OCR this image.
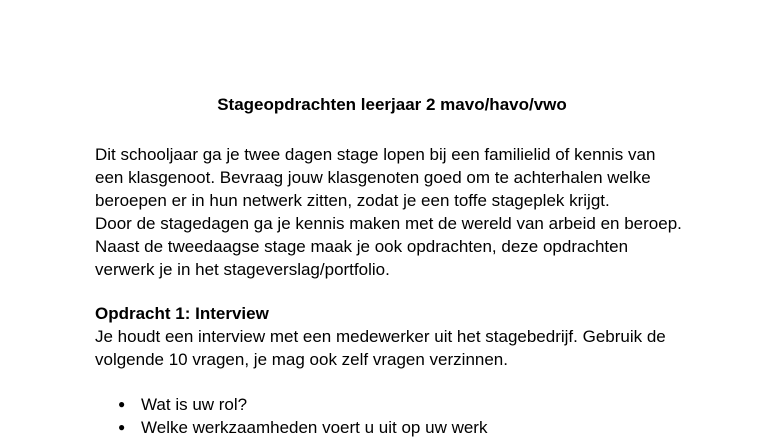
Stageopdrachten leerjaar 2 mavo/havo/vwo
Dit schooljaar ga je twee dagen stage lopen bij een familielid of kennis van
een klasgenoot. Bevraag jouw klasgenoten goed om te achterhalen welke
beroepen er in hun netwerk zitten, zodat je een toffe stageplek krijgt.
Door de stagedagen ga je kennis maken met de wereld van arbeid en beroep.
Naast de tweedaagse stage maak je ook opdrachten, deze opdrachten
verwerk je in het stageverslag/portfolio.
Opdracht 1: Interview
Je houdt een interview met een medewerker uit het stagebedrijf. Gebruik de
volgende 10 vragen, je mag ook zelf vragen verzinnen.
● Wat is uw rol?
● Welke werkzaamheden voert u uit op uw werk
